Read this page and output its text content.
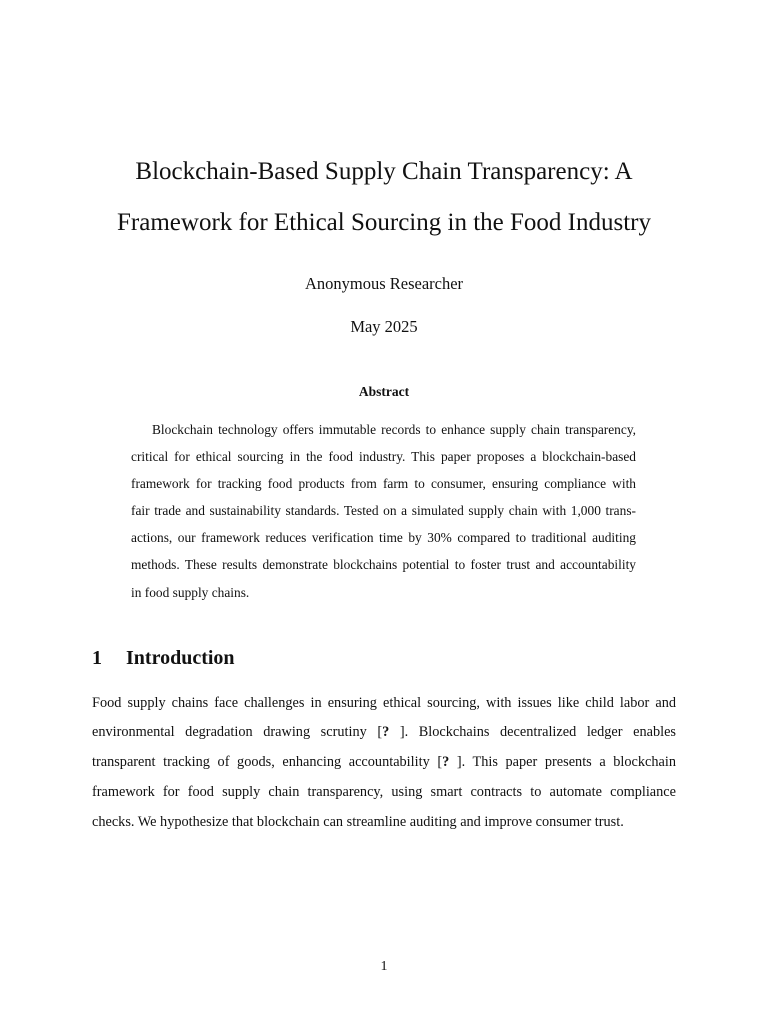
Blockchain-Based Supply Chain Transparency: A
Framework for Ethical Sourcing in the Food Industry
Anonymous Researcher
May 2025
Abstract
Blockchain technology offers immutable records to enhance supply chain transparency,
critical for ethical sourcing in the food industry. This paper proposes a blockchain-based
framework for tracking food products from farm to consumer, ensuring compliance with
fair trade and sustainability standards. Tested on a simulated supply chain with 1,000 trans-
actions, our framework reduces verification time by 30% compared to traditional auditing
methods. These results demonstrate blockchains potential to foster trust and accountability
in food supply chains.
1 Introduction
Food supply chains face challenges in ensuring ethical sourcing, with issues like child labor and
environmental degradation drawing scrutiny [? ]. Blockchains decentralized ledger enables
transparent tracking of goods, enhancing accountability [? ]. This paper presents a blockchain
framework for food supply chain transparency, using smart contracts to automate compliance
checks. We hypothesize that blockchain can streamline auditing and improve consumer trust.
1
